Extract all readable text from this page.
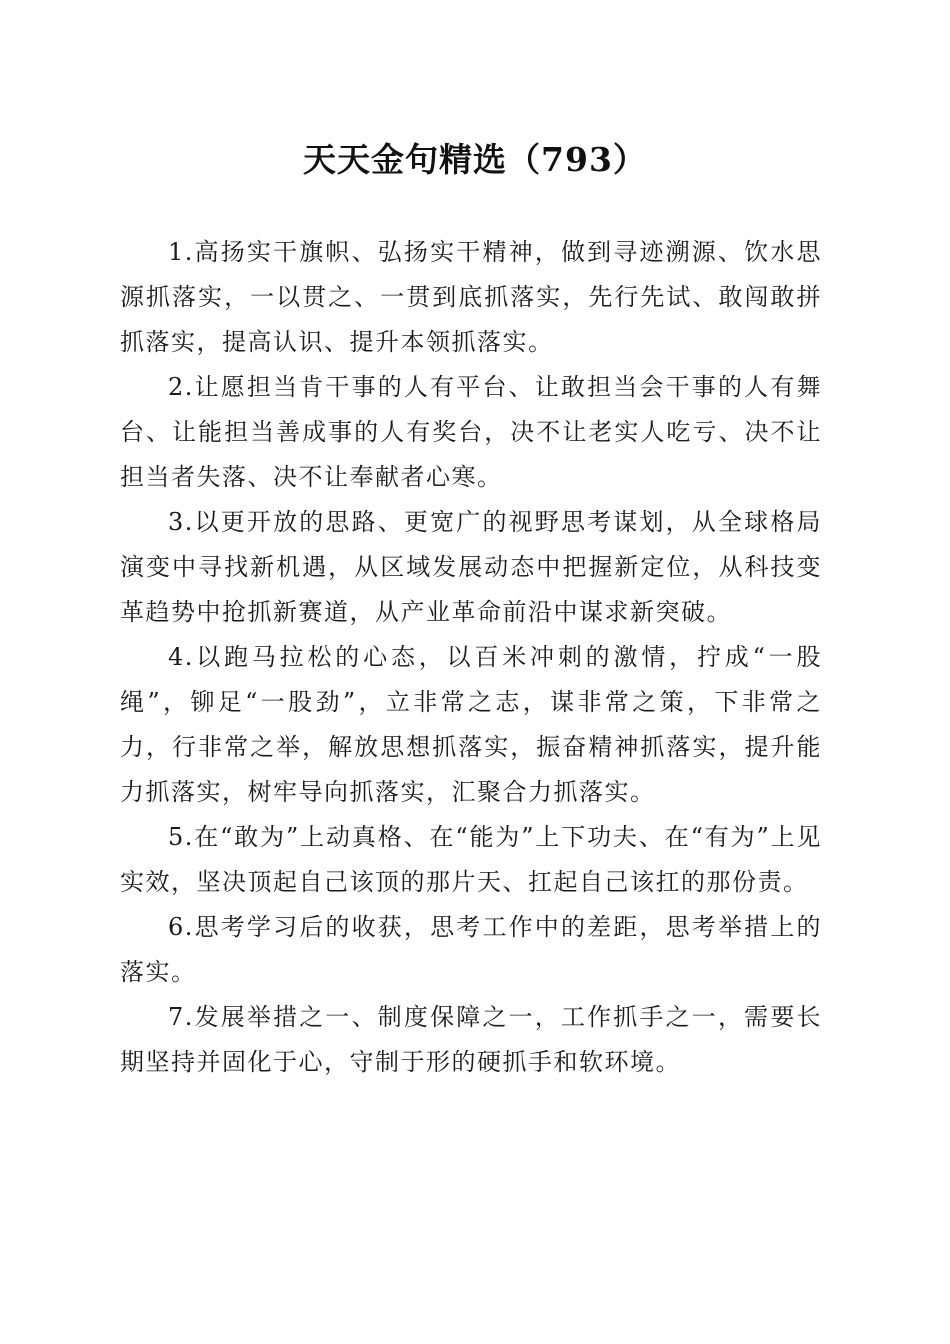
天天金句精选（793）

1.高扬实干旗帜、弘扬实干精神，做到寻迹溯源、饮水思源抓落实，一以贯之、一贯到底抓落实，先行先试、敢闯敢拼抓落实，提高认识、提升本领抓落实。

2.让愿担当肯干事的人有平台、让敢担当会干事的人有舞台、让能担当善成事的人有奖台，决不让老实人吃亏、决不让担当者失落、决不让奉献者心寒。

3.以更开放的思路、更宽广的视野思考谋划，从全球格局演变中寻找新机遇，从区域发展动态中把握新定位，从科技变革趋势中抢抓新赛道，从产业革命前沿中谋求新突破。

4.以跑马拉松的心态，以百米冲刺的激情，拧成“一股绳”，铆足“一股劲”，立非常之志，谋非常之策，下非常之力，行非常之举，解放思想抓落实，振奋精神抓落实，提升能力抓落实，树牢导向抓落实，汇聚合力抓落实。

5.在“敢为”上动真格、在“能为”上下功夫、在“有为”上见实效，坚决顶起自己该顶的那片天、扛起自己该扛的那份责。

6.思考学习后的收获，思考工作中的差距，思考举措上的落实。

7.发展举措之一、制度保障之一，工作抓手之一，需要长期坚持并固化于心，守制于形的硬抓手和软环境。
